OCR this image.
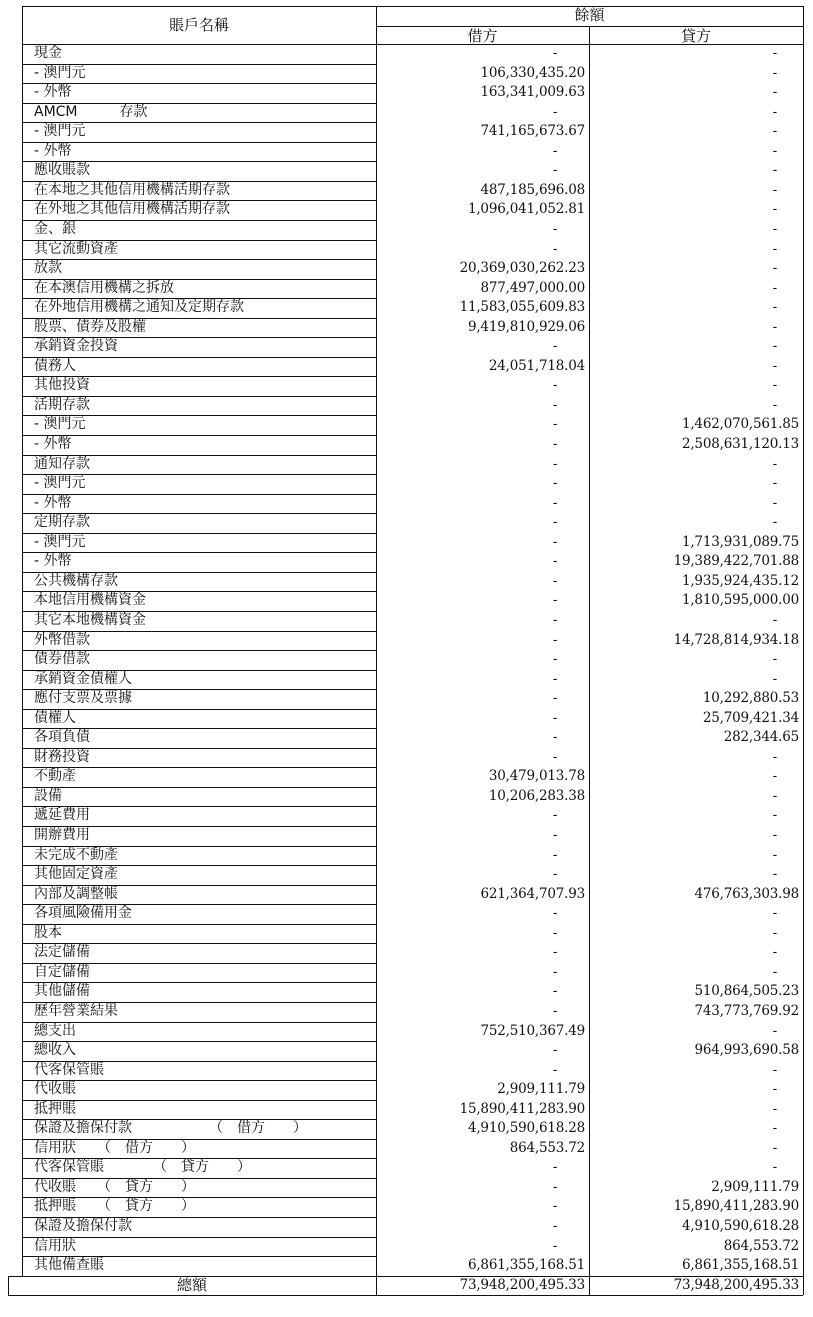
賬戶名稱
餘額
借方	貸方
現金	-	-
- 澳門元	106,330,435.20	-
- 外幣	163,341,009.63	-
AMCM　　　存款	-	-
- 澳門元	741,165,673.67	-
- 外幣	-	-
應收賬款	-	-
在本地之其他信用機構活期存款	487,185,696.08	-
在外地之其他信用機構活期存款	1,096,041,052.81	-
金、銀	-	-
其它流動資產	-	-
放款	20,369,030,262.23	-
在本澳信用機構之拆放	877,497,000.00	-
在外地信用機構之通知及定期存款	11,583,055,609.83	-
股票、債券及股權	9,419,810,929.06	-
承銷資金投資	-	-
債務人	24,051,718.04	-
其他投資	-	-
活期存款	-	-
- 澳門元	-	1,462,070,561.85
- 外幣	-	2,508,631,120.13
通知存款	-	-
- 澳門元	-	-
- 外幣	-	-
定期存款	-	-
- 澳門元	-	1,713,931,089.75
- 外幣	-	19,389,422,701.88
公共機構存款	-	1,935,924,435.12
本地信用機構資金	-	1,810,595,000.00
其它本地機構資金	-	-
外幣借款	-	14,728,814,934.18
債券借款	-	-
承銷資金債權人	-	-
應付支票及票據	-	10,292,880.53
債權人	-	25,709,421.34
各項負債	-	282,344.65
財務投資	-	-
不動產	30,479,013.78	-
設備	10,206,283.38	-
遞延費用	-	-
開辦費用	-	-
未完成不動產	-	-
其他固定資產	-	-
內部及調整帳	621,364,707.93	476,763,303.98
各項風險備用金	-	-
股本	-	-
法定儲備	-	-
自定儲備	-	-
其他儲備	-	510,864,505.23
歷年營業結果	-	743,773,769.92
總支出	752,510,367.49	-
總收入	-	964,993,690.58
代客保管賬	-	-
代收賬	2,909,111.79	-
抵押賬	15,890,411,283.90	-
保證及擔保付款　　　　　　（　借方　　）	4,910,590,618.28	-
信用狀　　（　借方　　）	864,553.72	-
代客保管賬　　　　（　貸方　　）	-	-
代收賬　　（　貸方　　）	-	2,909,111.79
抵押賬　　（　貸方　　）	-	15,890,411,283.90
保證及擔保付款	-	4,910,590,618.28
信用狀	-	864,553.72
其他備查賬	6,861,355,168.51	6,861,355,168.51
總額	73,948,200,495.33	73,948,200,495.33
